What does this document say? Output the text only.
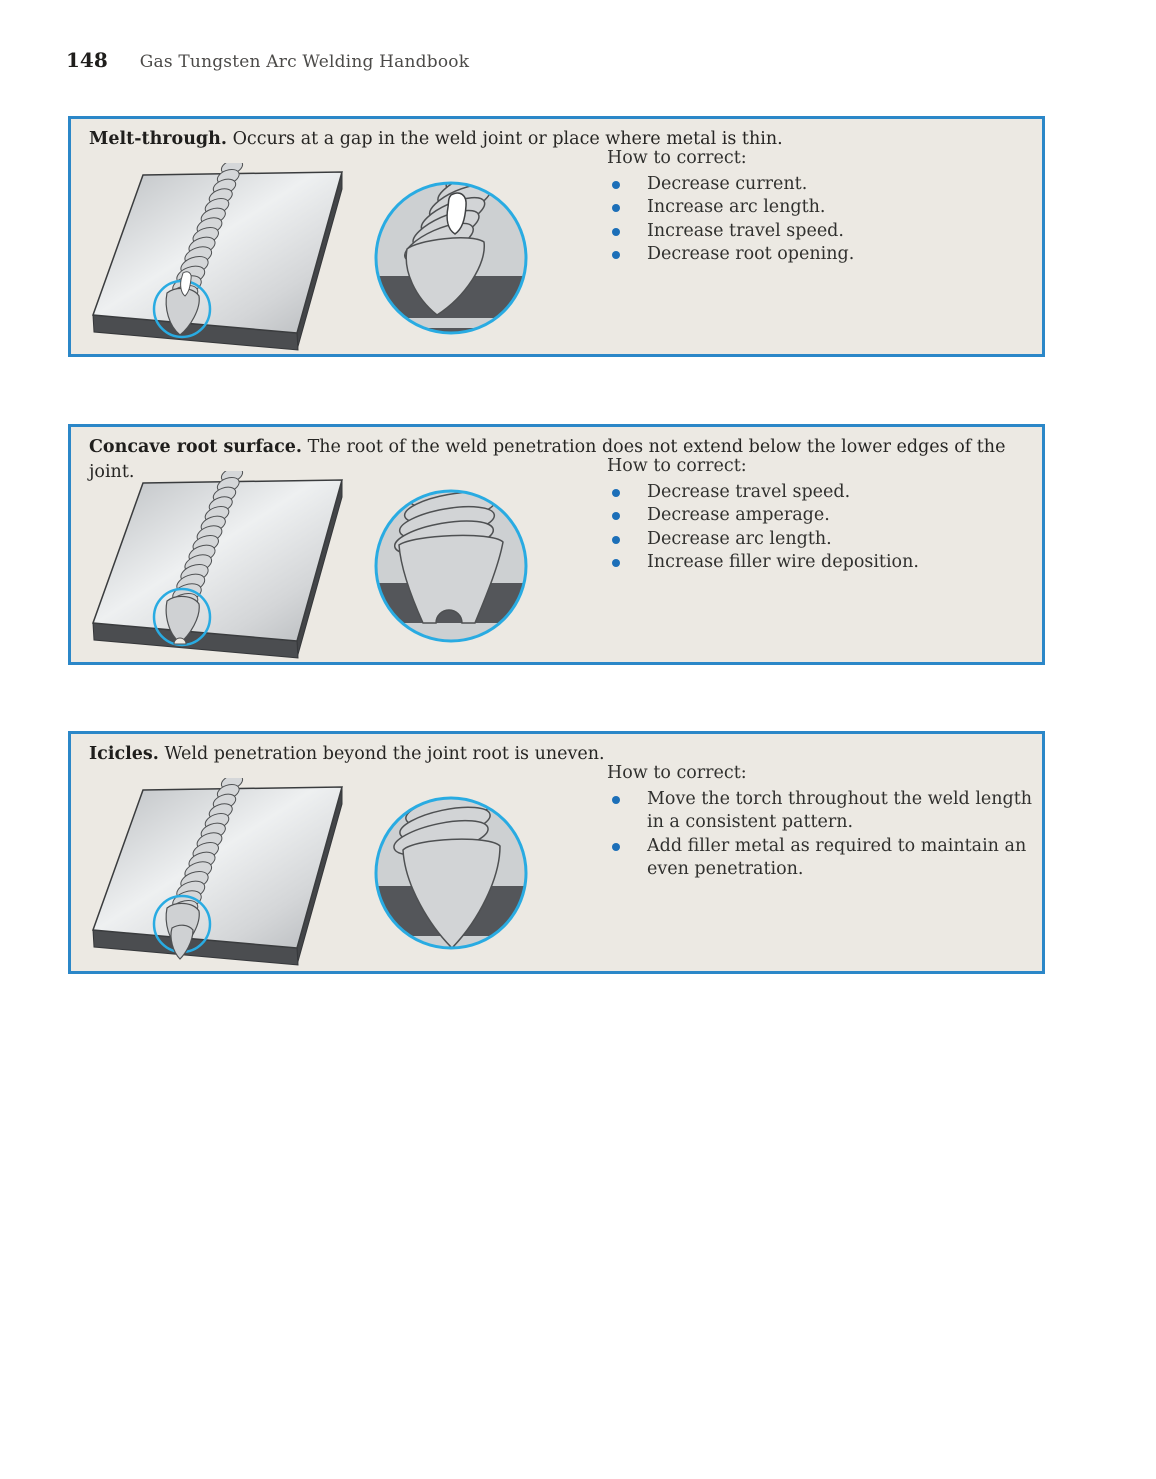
148 Gas Tungsten Arc Welding Handbook

Melt-through. Occurs at a gap in the weld joint or place where metal is thin.

How to correct:

Decrease current.
Increase arc length.
Increase travel speed.
Decrease root opening.

Concave root surface. The root of the weld penetration does not extend below the lower edges of the joint.	How to correct:

Decrease travel speed.
Decrease amperage.
Decrease arc length.
Increase filler wire deposition.

Icicles. Weld penetration beyond the joint root is uneven.

How to correct:

Move the torch throughout the weld length in a consistent pattern.
Add filler metal as required to maintain an even penetration.
